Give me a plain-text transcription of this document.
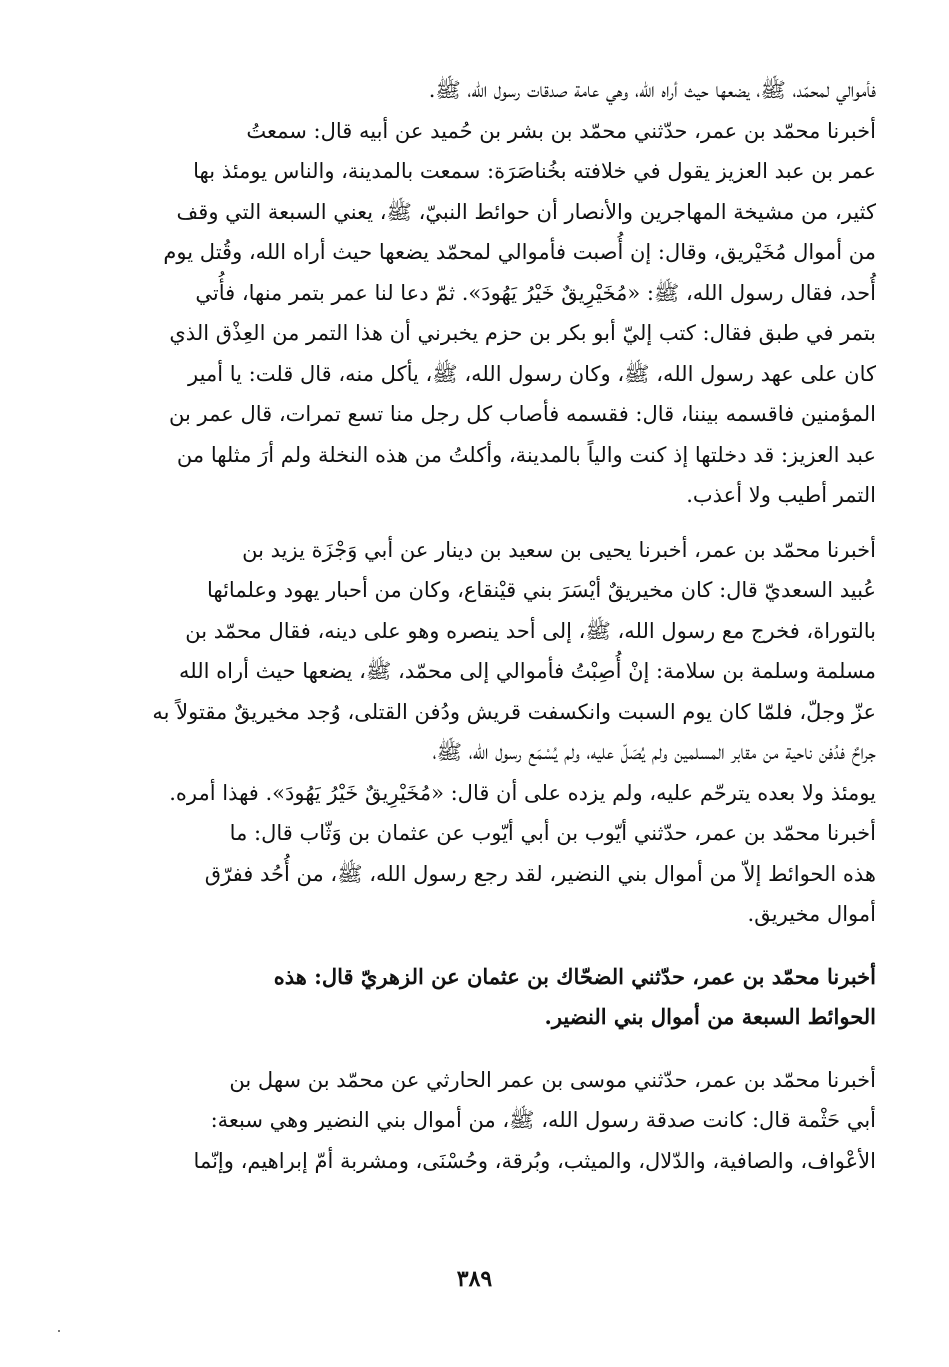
فأموالي لمحمّد، ﷺ، يضعها حيث أراه الله، وهي عامة صدقات رسول الله، ﷺ.

أخبرنا محمّد بن عمر، حدّثني محمّد بن بشر بن حُميد عن أبيه قال: سمعتُ
عمر بن عبد العزيز يقول في خلافته بخُناصَرَة: سمعت بالمدينة، والناس يومئذ بها
كثير، من مشيخة المهاجرين والأنصار أن حوائط النبيّ، ﷺ، يعني السبعة التي وقف
من أموال مُخَيْريق، وقال: إن أُصبت فأموالي لمحمّد يضعها حيث أراه الله، وقُتل يوم
أُحد، فقال رسول الله، ﷺ: «مُخَيْرِيقٌ خَيْرُ يَهُودَ». ثمّ دعا لنا عمر بتمر منها، فأُتي
بتمر في طبق فقال: كتب إليّ أبو بكر بن حزم يخبرني أن هذا التمر من العِذْق الذي
كان على عهد رسول الله، ﷺ، وكان رسول الله، ﷺ، يأكل منه، قال قلت: يا أمير
المؤمنين فاقسمه بيننا، قال: فقسمه فأصاب كل رجل منا تسع تمرات، قال عمر بن
عبد العزيز: قد دخلتها إذ كنت والياً بالمدينة، وأكلتُ من هذه النخلة ولم أرَ مثلها من
التمر أطيب ولا أعذب.

أخبرنا محمّد بن عمر، أخبرنا يحيى بن سعيد بن دينار عن أبي وَجْزَة يزيد بن
عُبيد السعديّ قال: كان مخيريقٌ أيْسَرَ بني قيْنقاع، وكان من أحبار يهود وعلمائها
بالتوراة، فخرج مع رسول الله، ﷺ، إلى أحد ينصره وهو على دينه، فقال محمّد بن
مسلمة وسلمة بن سلامة: إنْ أُصِبْتُ فأموالي إلى محمّد، ﷺ، يضعها حيث أراه الله
عزّ وجلّ، فلمّا كان يوم السبت وانكسفت قريش ودُفن القتلى، وُجد مخيريقٌ مقتولاً به
جراحٌ فدُفن ناحية من مقابر المسلمين ولم يُصَلّ عليه، ولم يُسْمَع رسول الله، ﷺ،
يومئذ ولا بعده يترحّم عليه، ولم يزده على أن قال: «مُخَيْرِيقٌ خَيْرُ يَهُودَ». فهذا أمره.

أخبرنا محمّد بن عمر، حدّثني أيّوب بن أبي أيّوب عن عثمان بن وَثّاب قال: ما
هذه الحوائط إلاّ من أموال بني النضير، لقد رجع رسول الله، ﷺ، من أُحُد ففرّق
أموال مخيريق.

أخبرنا محمّد بن عمر، حدّثني الضحّاك بن عثمان عن الزهريّ قال: هذه
الحوائط السبعة من أموال بني النضير.

أخبرنا محمّد بن عمر، حدّثني موسى بن عمر الحارثي عن محمّد بن سهل بن
أبي حَثْمة قال: كانت صدقة رسول الله، ﷺ، من أموال بني النضير وهي سبعة:
الأعْواف، والصافية، والدّلال، والميثب، وبُرقة، وحُسْنَى، ومشربة أمّ إبراهيم، وإنّما

٣٨٩
